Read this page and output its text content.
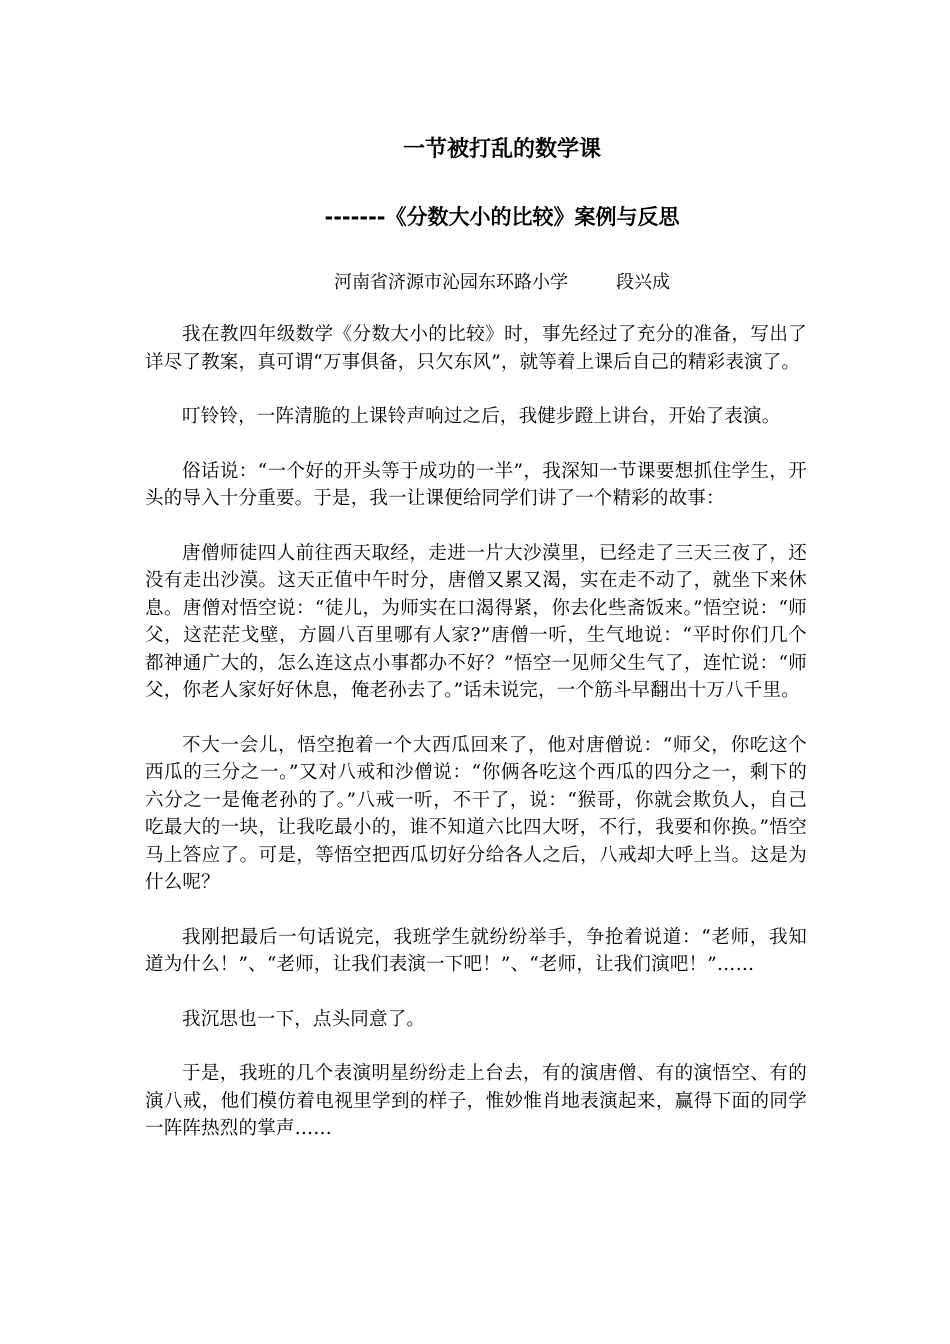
一节被打乱的数学课
-------《分数大小的比较》案例与反思
河南省济源市沁园东环路小学	段兴成

我在教四年级数学《分数大小的比较》时，事先经过了充分的准备，写出了详尽了教案，真可谓“万事俱备，只欠东风”，就等着上课后自己的精彩表演了。

叮铃铃，一阵清脆的上课铃声响过之后，我健步蹬上讲台，开始了表演。

俗话说：“一个好的开头等于成功的一半”，我深知一节课要想抓住学生，开头的导入十分重要。于是，我一让课便给同学们讲了一个精彩的故事：

唐僧师徒四人前往西天取经，走进一片大沙漠里，已经走了三天三夜了，还没有走出沙漠。这天正值中午时分，唐僧又累又渴，实在走不动了，就坐下来休息。唐僧对悟空说：“徒儿，为师实在口渴得紧，你去化些斋饭来。”悟空说：“师父，这茫茫戈壁，方圆八百里哪有人家?”唐僧一听，生气地说：“平时你们几个都神通广大的，怎么连这点小事都办不好？”悟空一见师父生气了，连忙说：“师父，你老人家好好休息，俺老孙去了。”话未说完，一个筋斗早翻出十万八千里。

不大一会儿，悟空抱着一个大西瓜回来了，他对唐僧说：“师父，你吃这个西瓜的三分之一。”又对八戒和沙僧说：“你俩各吃这个西瓜的四分之一，剩下的六分之一是俺老孙的了。”八戒一听，不干了，说：“猴哥，你就会欺负人，自己吃最大的一块，让我吃最小的，谁不知道六比四大呀，不行，我要和你换。”悟空马上答应了。可是，等悟空把西瓜切好分给各人之后，八戒却大呼上当。这是为什么呢？

我刚把最后一句话说完，我班学生就纷纷举手，争抢着说道：“老师，我知道为什么！”、“老师，让我们表演一下吧！”、“老师，让我们演吧！”……

我沉思也一下，点头同意了。

于是，我班的几个表演明星纷纷走上台去，有的演唐僧、有的演悟空、有的演八戒，他们模仿着电视里学到的样子，惟妙惟肖地表演起来，赢得下面的同学一阵阵热烈的掌声……
